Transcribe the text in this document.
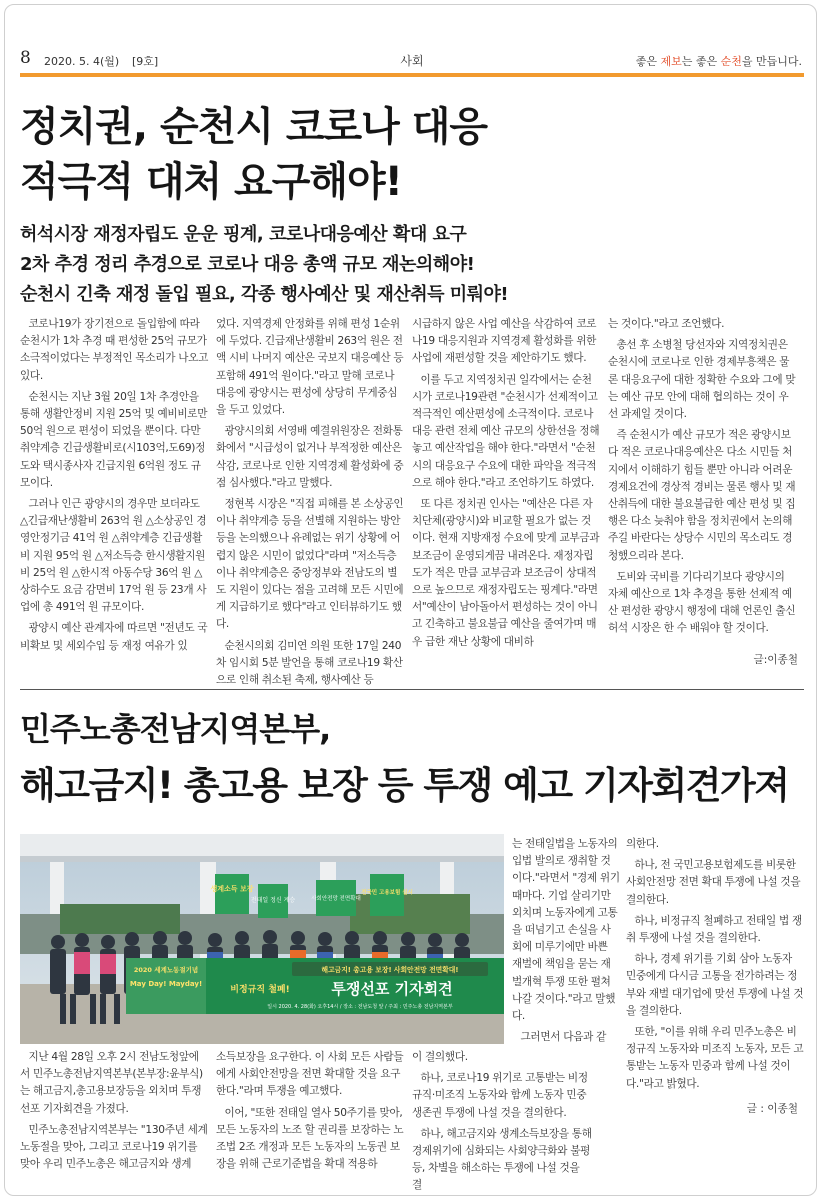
8 2020. 5. 4(월) [9호]	사회	좋은 제보는 좋은 순천을 만듭니다.
정치권, 순천시 코로나 대응
적극적 대처 요구해야!
허석시장 재정자립도 운운 핑계, 코로나대응예산 확대 요구
2차 추경 정리 추경으로 코로나 대응 총액 규모 재논의해야!
순천시 긴축 재정 돌입 필요, 각종 행사예산 및 재산취득 미뤄야!

코로나19가 장기전으로 돌입함에 따라 순천시가 1차 추경 때 편성한 25억 규모가 소극적이었다는 부정적인 목소리가 나오고 있다.

순천시는 지난 3월 20일 1차 추경안을 통해 생활안정비 지원 25억 및 예비비로만 50억 원으로 편성이 되었을 뿐이다. 다만 취약계층 긴급생활비로(시103억,도69)정도와 택시종사자 긴급지원 6억원 정도 규모이다.

그러나 인근 광양시의 경우만 보더라도 △긴급재난생활비 263억 원 △소상공인 경영안정기금 41억 원 △취약계층 긴급생활비 지원 95억 원 △저소득층 한시생활지원비 25억 원 △한시적 아동수당 36억 원 △상하수도 요금 감면비 17억 원 등 23개 사업에 총 491억 원 규모이다.

광양시 예산 관계자에 따르면 "전년도 국비확보 및 세외수입 등 재정 여유가 있

었다. 지역경제 안정화를 위해 편성 1순위에 두었다. 긴급재난생활비 263억 원은 전액 시비 나머지 예산은 국보지 대응예산 등 포함해 491억 원이다."라고 말해 코로나 대응에 광양시는 편성에 상당히 무게중심을 두고 있었다.

광양시의회 서영배 예결위원장은 전화통화에서 "시급성이 없거나 부적정한 예산은 삭감, 코로나로 인한 지역경제 활성화에 중점 심사했다."라고 말했다.

정현복 시장은 "직접 피해를 본 소상공인이나 취약계층 등을 선별해 지원하는 방안 등을 논의했으나 유례없는 위기 상황에 어렵지 않은 시민이 없었다"라며 "저소득층이나 취약계층은 중앙정부와 전남도의 별도 지원이 있다는 점을 고려해 모든 시민에게 지급하기로 했다"라고 인터뷰하기도 했다.

순천시의회 김미연 의원 또한 17일 240차 임시회 5분 발언을 통해 코로나19 확산으로 인해 취소된 축제, 행사예산 등

시급하지 않은 사업 예산을 삭감하여 코로나19 대응지원과 지역경제 활성화를 위한 사업에 재편성할 것을 제안하기도 했다.

이를 두고 지역정치권 일각에서는 순천시가 코로나19관련 "순천시가 선제적이고 적극적인 예산편성에 소극적이다. 코로나 대응 관련 전체 예산 규모의 상한선을 정해 놓고 예산작업을 해야 한다."라면서 "순천시의 대응요구 수요에 대한 파악을 적극적으로 해야 한다."라고 조언하기도 하였다.

또 다른 정치권 인사는 "예산은 다른 자치단체(광양시)와 비교할 필요가 없는 것이다. 현재 지방재정 수요에 맞게 교부금과 보조금이 운영되게끔 내려온다. 재정자립도가 적은 만큼 교부금과 보조금이 상대적으로 높으므로 재정자립도는 핑계다."라면서"예산이 남아돌아서 편성하는 것이 아니고 긴축하고 불요불급 예산을 줄여가며 매우 급한 재난 상황에 대비하

는 것이다."라고 조언했다.

총선 후 소병철 당선자와 지역정치권은 순천시에 코로나로 인한 경제부흥책은 물론 대응요구에 대한 정확한 수요와 그에 맞는 예산 규모 안에 대해 협의하는 것이 우선 과제일 것이다.

즉 순천시가 예산 규모가 적은 광양시보다 적은 코로나대응예산은 다소 시민들 처지에서 이해하기 힘들 뿐만 아니라 어려운 경제요건에 경상적 경비는 물론 행사 및 재산취득에 대한 불요불급한 예산 편성 및 집행은 다소 늦춰야 함을 정치권에서 논의해주길 바란다는 상당수 시민의 목소리도 경청했으리라 본다.

도비와 국비를 기다리기보다 광양시의 자체 예산으로 1차 추경을 통한 선제적 예산 편성한 광양시 행정에 대해 언론인 출신 허석 시장은 한 수 배워야 할 것이다.

글:이종철
민주노총전남지역본부,
해고금지! 총고용 보장 등 투쟁 예고 기자회견가져
생계소득 보장
전태일 정신 계승	사회안전망 전면확대
전국민 고용보험 실시
2020 세계노동절기념
May Day! Mayday!
해고금지! 총고용 보장! 사회안전망 전면확대!
비정규직 철폐!	투쟁선포 기자회견
일시 2020. 4. 28(화) 오후14시 / 장소 : 전남도청 앞 / 주최 : 민주노총 전남지역본부

는 전태일법을 노동자의 입법 발의로 쟁취할 것이다."라면서 "경제 위기 때마다. 기업 살리기만 외치며 노동자에게 고통을 떠넘기고 손실을 사회에 미루기에만 바쁜 재벌에 책임을 묻는 재벌개혁 투쟁 또한 펼쳐나갈 것이다."라고 말했다.

그러면서 다음과 같

의한다.

하나, 전 국민고용보험제도를 비롯한 사회안전망 전면 확대 투쟁에 나설 것을 결의한다.

하나, 비정규직 철폐하고 전태일 법 쟁취 투쟁에 나설 것을 결의한다.

하나, 경제 위기를 기회 삼아 노동자 민중에게 다시금 고통을 전가하려는 정부와 재벌 대기업에 맞선 투쟁에 나설 것을 결의한다.

또한, "이를 위해 우리 민주노총은 비정규직 노동자와 미조직 노동자, 모든 고통받는 노동자 민중과 함께 나설 것이다."라고 밝혔다.

글 : 이종철

지난 4월 28일 오후 2시 전남도청앞에서 민주노총전남지역본부(본부장:윤부식)는 해고금지,총고용보장등을 외치며 투쟁선포 기자회견을 가졌다.

민주노총전남지역본부는 "130주년 세계 노동절을 맞아, 그리고 코로나19 위기를 맞아 우리 민주노총은 해고금지와 생계

소득보장을 요구한다. 이 사회 모든 사람들에게 사회안전망을 전면 확대할 것을 요구한다."라며 투쟁을 예고했다.

이어, "또한 전태일 열사 50주기를 맞아, 모든 노동자의 노조 할 권리를 보장하는 노조법 2조 개정과 모든 노동자의 노동권 보장을 위해 근로기준법을 확대 적용하

이 결의했다.

하나, 코로나19 위기로 고통받는 비정규직·미조직 노동자와 함께 노동자 민중 생존권 투쟁에 나설 것을 결의한다.

하나, 해고금지와 생계소득보장을 통해 경제위기에 심화되는 사회양극화와 불평등, 차별을 해소하는 투쟁에 나설 것을 결
